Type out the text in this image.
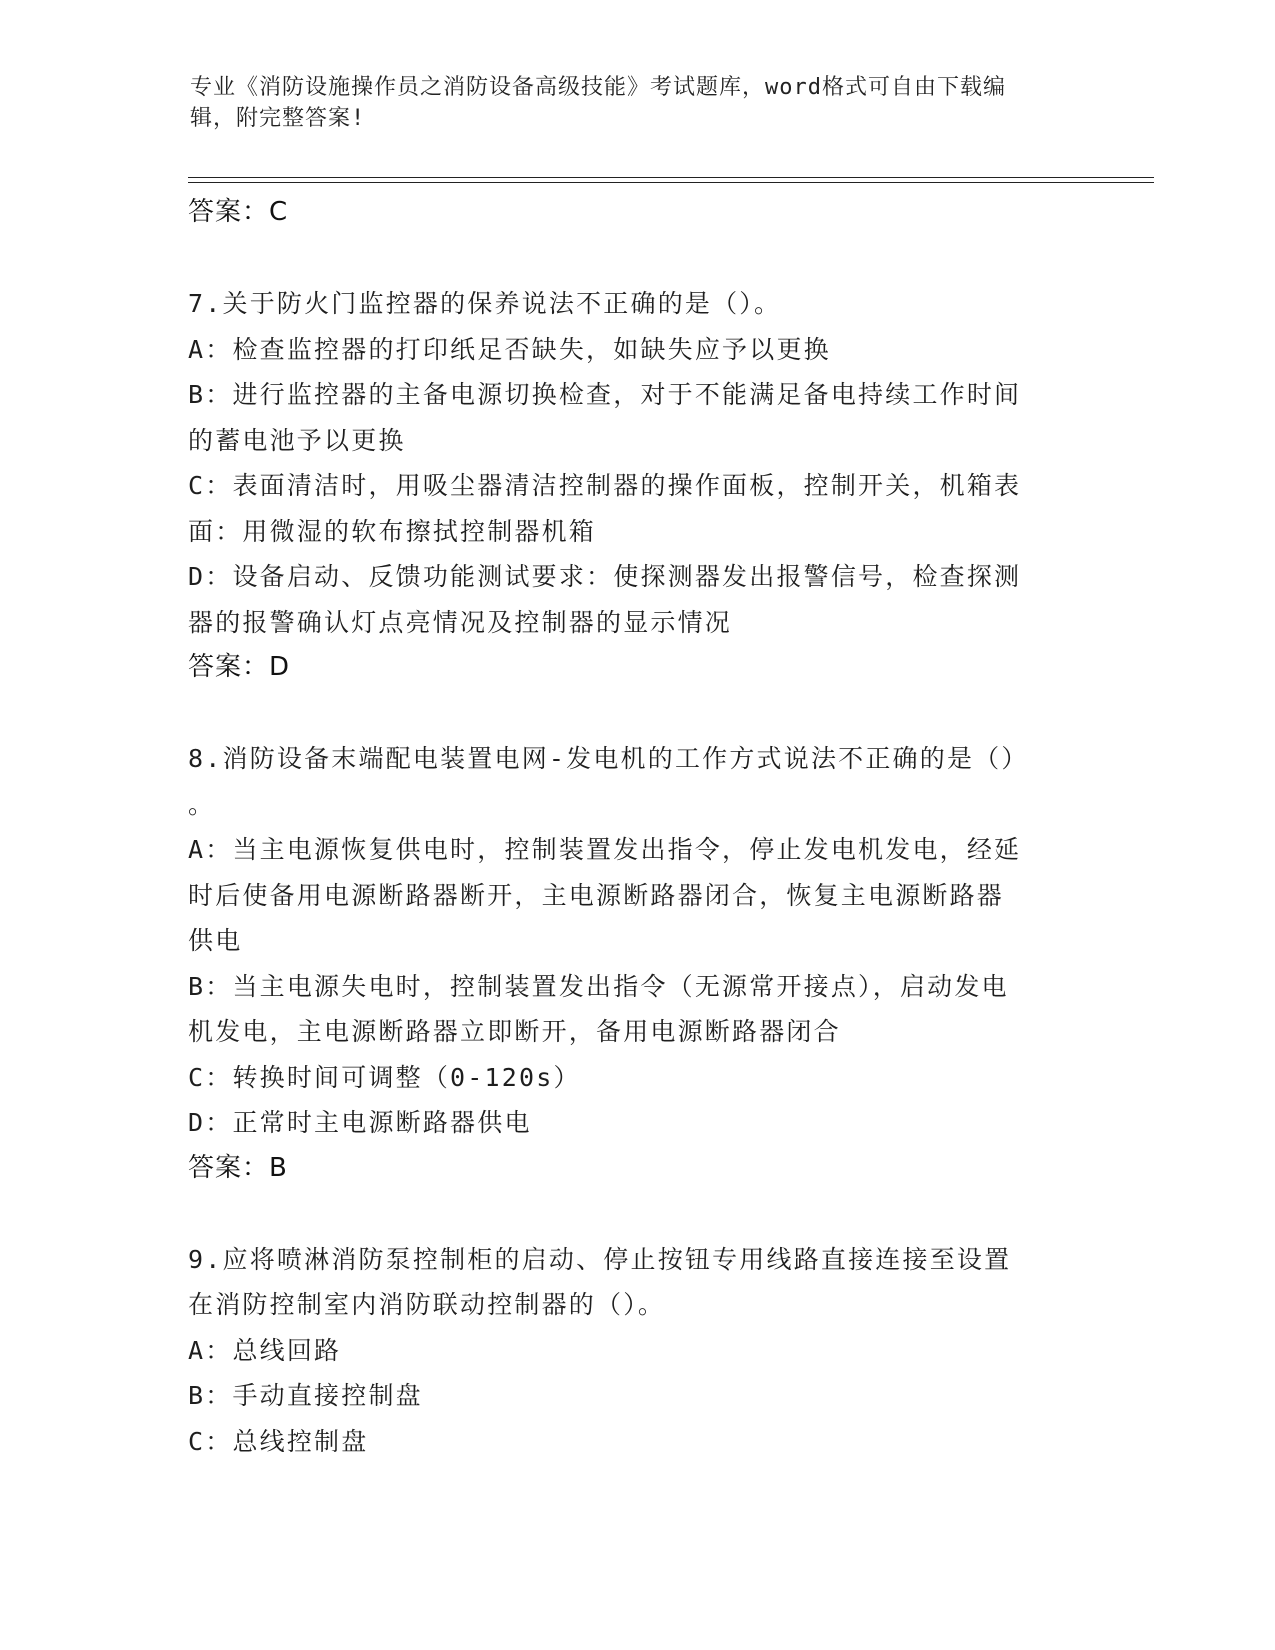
专业《消防设施操作员之消防设备高级技能》考试题库，word格式可自由下载编
辑，附完整答案!
答案：C
7.关于防火门监控器的保养说法不正确的是（）。
A：检查监控器的打印纸足否缺失，如缺失应予以更换
B：进行监控器的主备电源切换检查，对于不能满足备电持续工作时间
的蓄电池予以更换
C：表面清洁时，用吸尘器清洁控制器的操作面板，控制开关，机箱表
面：用微湿的软布擦拭控制器机箱
D：设备启动、反馈功能测试要求：使探测器发出报警信号，检查探测
器的报警确认灯点亮情况及控制器的显示情况
答案：D
8.消防设备末端配电装置电网-发电机的工作方式说法不正确的是（）
。
A：当主电源恢复供电时，控制装置发出指令，停止发电机发电，经延
时后使备用电源断路器断开，主电源断路器闭合，恢复主电源断路器
供电
B：当主电源失电时，控制装置发出指令（无源常开接点），启动发电
机发电，主电源断路器立即断开，备用电源断路器闭合
C：转换时间可调整（0-120s）
D：正常时主电源断路器供电
答案：B
9.应将喷淋消防泵控制柜的启动、停止按钮专用线路直接连接至设置
在消防控制室内消防联动控制器的（）。
A：总线回路
B：手动直接控制盘
C：总线控制盘
